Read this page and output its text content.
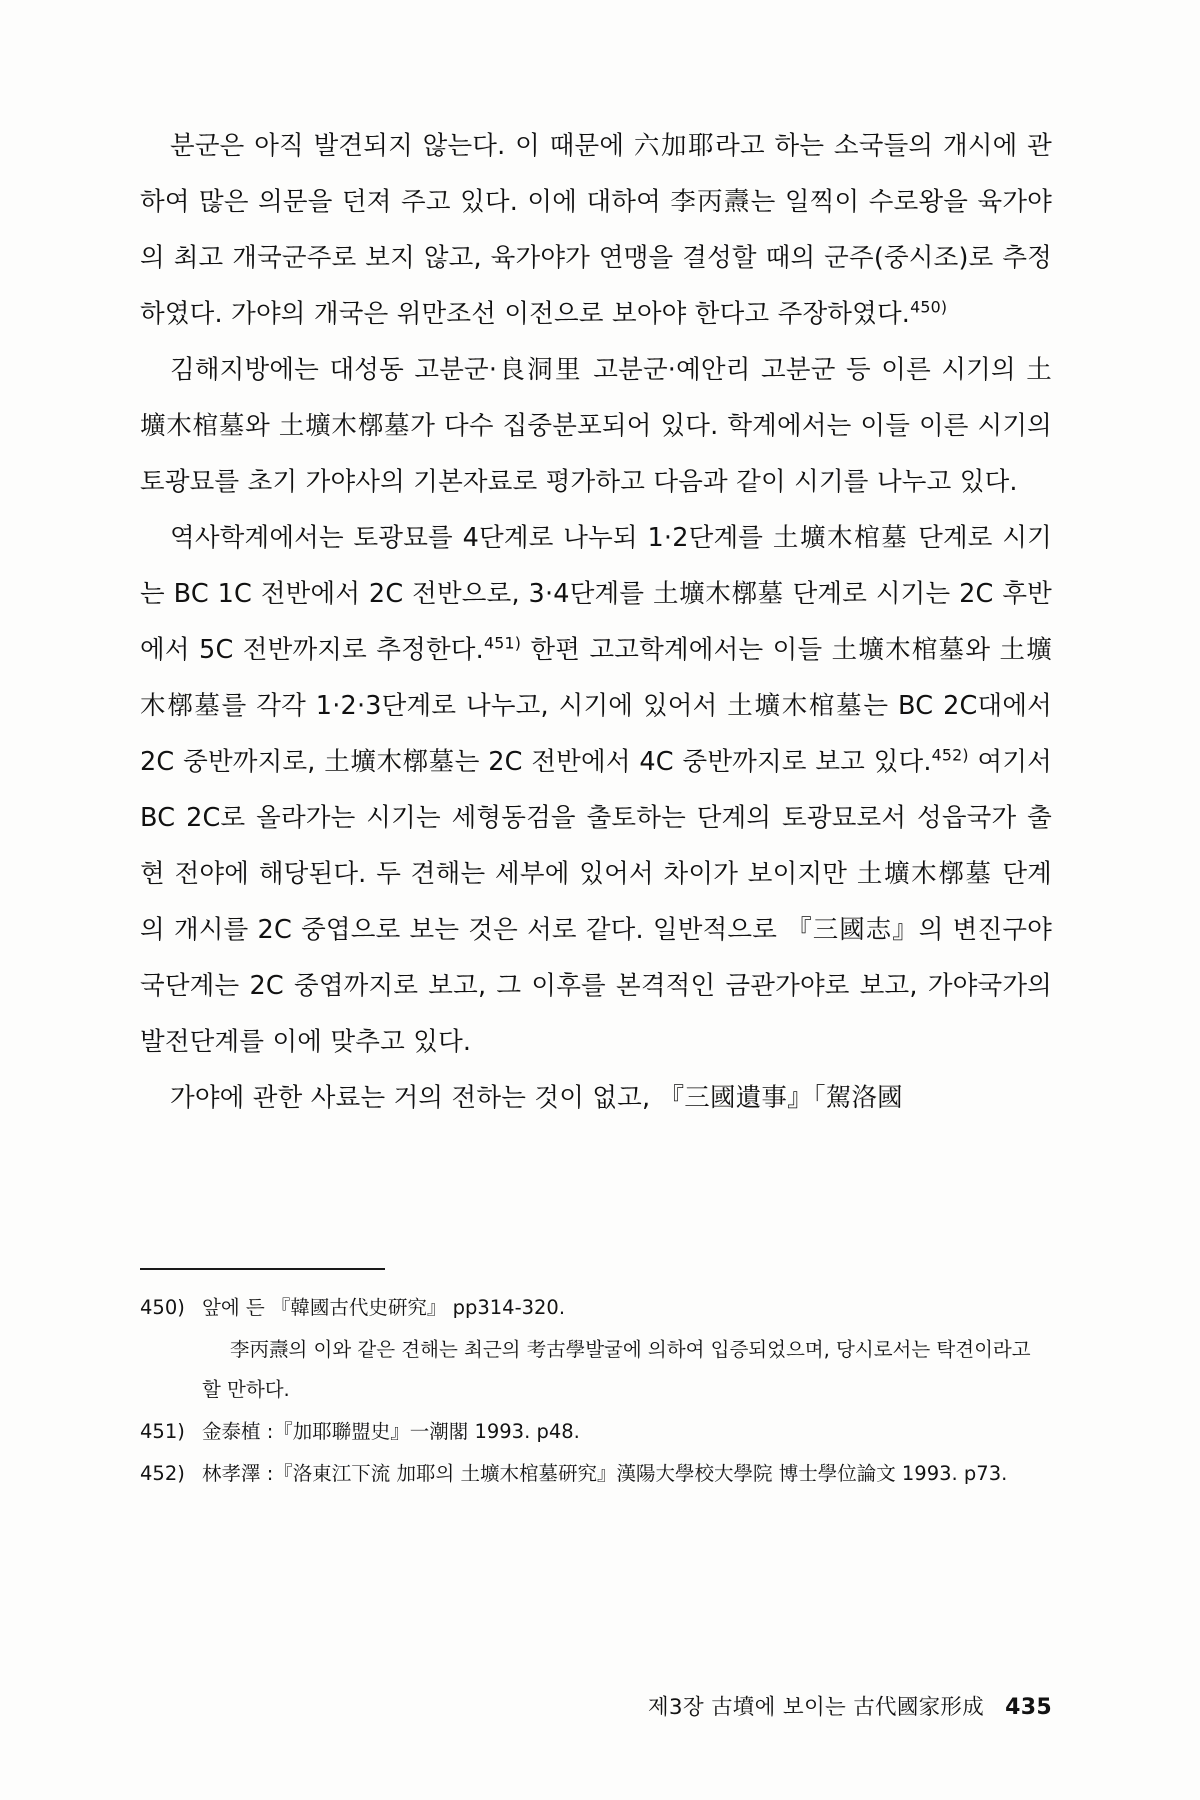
분군은 아직 발견되지 않는다. 이 때문에 六加耶라고 하는 소국들의 개시에 관하여 많은 의문을 던져 주고 있다. 이에 대하여 李丙燾는 일찍이 수로왕을 육가야의 최고 개국군주로 보지 않고, 육가야가 연맹을 결성할 때의 군주(중시조)로 추정하였다. 가야의 개국은 위만조선 이전으로 보아야 한다고 주장하였다.$^{450)}$

김해지방에는 대성동 고분군·良洞里 고분군·예안리 고분군 등 이른 시기의 土壙木棺墓와 土壙木槨墓가 다수 집중분포되어 있다. 학계에서는 이들 이른 시기의 토광묘를 초기 가야사의 기본자료로 평가하고 다음과 같이 시기를 나누고 있다.

역사학계에서는 토광묘를 4단계로 나누되 1·2단계를 土壙木棺墓 단계로 시기는 BC 1C 전반에서 2C 전반으로, 3·4단계를 土壙木槨墓 단계로 시기는 2C 후반에서 5C 전반까지로 추정한다.$^{451)}$ 한편 고고학계에서는 이들 土壙木棺墓와 土壙木槨墓를 각각 1·2·3단계로 나누고, 시기에 있어서 土壙木棺墓는 BC 2C대에서 2C 중반까지로, 土壙木槨墓는 2C 전반에서 4C 중반까지로 보고 있다.$^{452)}$ 여기서 BC 2C로 올라가는 시기는 세형동검을 출토하는 단계의 토광묘로서 성읍국가 출현 전야에 해당된다. 두 견해는 세부에 있어서 차이가 보이지만 土壙木槨墓 단계의 개시를 2C 중엽으로 보는 것은 서로 같다. 일반적으로 『三國志』의 변진구야국단계는 2C 중엽까지로 보고, 그 이후를 본격적인 금관가야로 보고, 가야국가의 발전단계를 이에 맞추고 있다.

가야에 관한 사료는 거의 전하는 것이 없고, 『三國遺事』「駕洛國

450) 앞에 든 『韓國古代史硏究』 pp314-320.
李丙燾의 이와 같은 견해는 최근의 考古學발굴에 의하여 입증되었으며, 당시로서는 탁견이라고 할 만하다.
451) 金泰植 :『加耶聯盟史』一潮閣 1993. p48.
452) 林孝澤 :『洛東江下流 加耶의 土壙木棺墓硏究』漢陽大學校大學院 博士學位論文 1993. p73.
제3장 古墳에 보이는 古代國家形成 435
